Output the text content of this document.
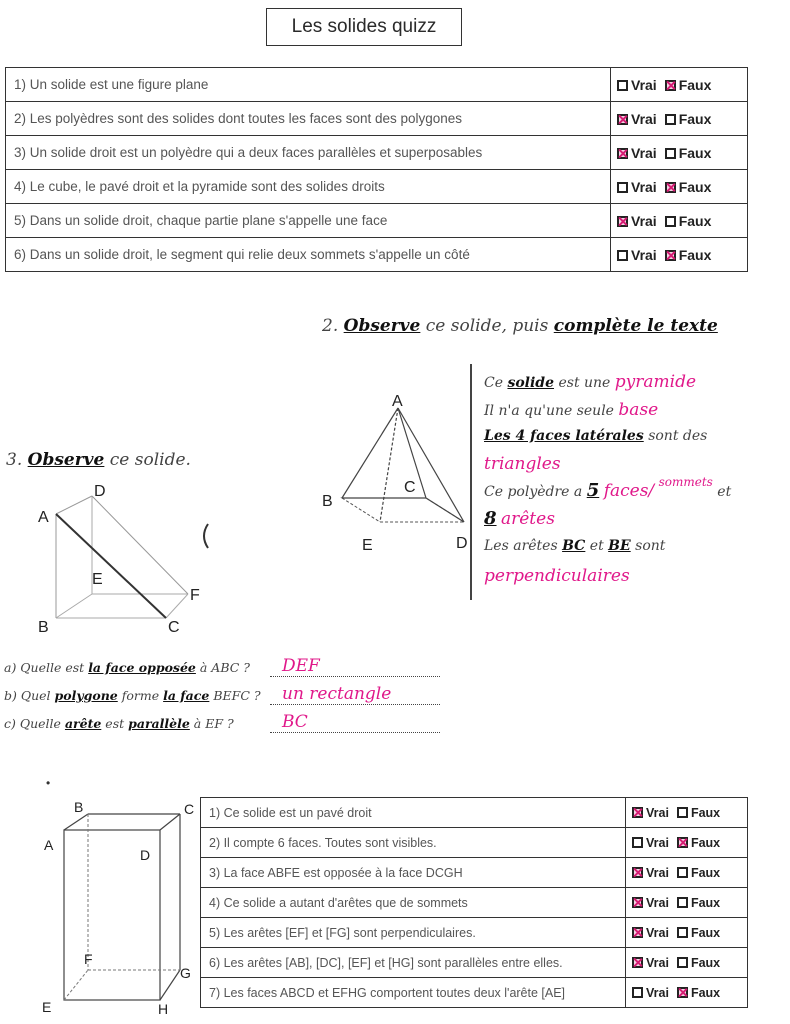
Les solides quizz
1) Un solide est une figure plane	Vrai Faux
2) Les polyèdres sont des solides dont toutes les faces sont des polygones	Vrai Faux
3) Un solide droit est un polyèdre qui a deux faces parallèles et superposables	Vrai Faux
4) Le cube, le pavé droit et la pyramide sont des solides droits	Vrai Faux
5) Dans un solide droit, chaque partie plane s'appelle une face	Vrai Faux
6) Dans un solide droit, le segment qui relie deux sommets s'appelle un côté	Vrai Faux
2. Observe ce solide, puis complète le texte
A
B
C
D
E
Ce solide est une pyramide
Il n'a qu'une seule base
Les 4 faces latérales sont des
triangles
Ce polyèdre a 5 faces/ sommets et
8 arêtes
Les arêtes BC et BE sont
perpendiculaires
3. Observe ce solide.
D
A
E
F
B	C
a) Quelle est la face opposée à ABC ?	DEF
b) Quel polygone forme la face BEFC ?	un rectangle
c) Quelle arête est parallèle à EF ?	BC
•
B	C
A
D
F
G
E	H
1) Ce solide est un pavé droit	Vrai Faux
2) Il compte 6 faces. Toutes sont visibles.	Vrai Faux
3) La face ABFE est opposée à la face DCGH	Vrai Faux
4) Ce solide a autant d'arêtes que de sommets	Vrai Faux
5) Les arêtes [EF] et [FG] sont perpendiculaires.	Vrai Faux
6) Les arêtes [AB], [DC], [EF] et [HG] sont parallèles entre elles.	Vrai Faux
7) Les faces ABCD et EFHG comportent toutes deux l'arête [AE]	Vrai Faux
